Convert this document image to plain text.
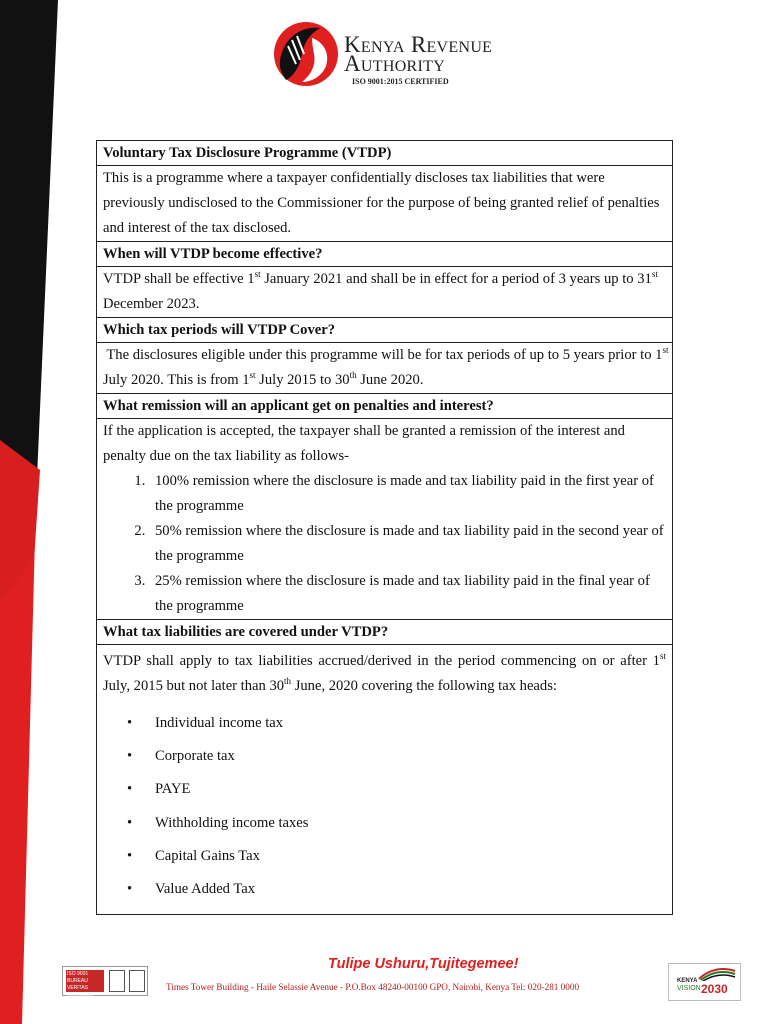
Kenya Revenue
Authority
ISO 9001:2015 CERTIFIED
Voluntary Tax Disclosure Programme (VTDP)
This is a programme where a taxpayer confidentially discloses tax liabilities that were previously undisclosed to the Commissioner for the purpose of being granted relief of penalties and interest of the tax disclosed.
When will VTDP become effective?
VTDP shall be effective 1st January 2021 and shall be in effect for a period of 3 years up to 31st December 2023.
Which tax periods will VTDP Cover?
The disclosures eligible under this programme will be for tax periods of up to 5 years prior to 1st July 2020. This is from 1st July 2015 to 30th June 2020.
What remission will an applicant get on penalties and interest?
If the application is accepted, the taxpayer shall be granted a remission of the interest and penalty due on the tax liability as follows-
1. 100% remission where the disclosure is made and tax liability paid in the first year of the programme
2. 50% remission where the disclosure is made and tax liability paid in the second year of the programme
3. 25% remission where the disclosure is made and tax liability paid in the final year of the programme
What tax liabilities are covered under VTDP?
VTDP shall apply to tax liabilities accrued/derived in the period commencing on or after 1st July, 2015 but not later than 30th June, 2020 covering the following tax heads:
• Individual income tax
• Corporate tax
• PAYE
• Withholding income taxes
• Capital Gains Tax
• Value Added Tax
ISO 9001 BUREAU VERITAS Certification
Tulipe Ushuru,Tujitegemee!
Times Tower Building - Haile Selassie Avenue - P.O.Box 48240-00100 GPO, Nairobi, Kenya Tel: 020-281 0000
KENYA
VISION 2030
